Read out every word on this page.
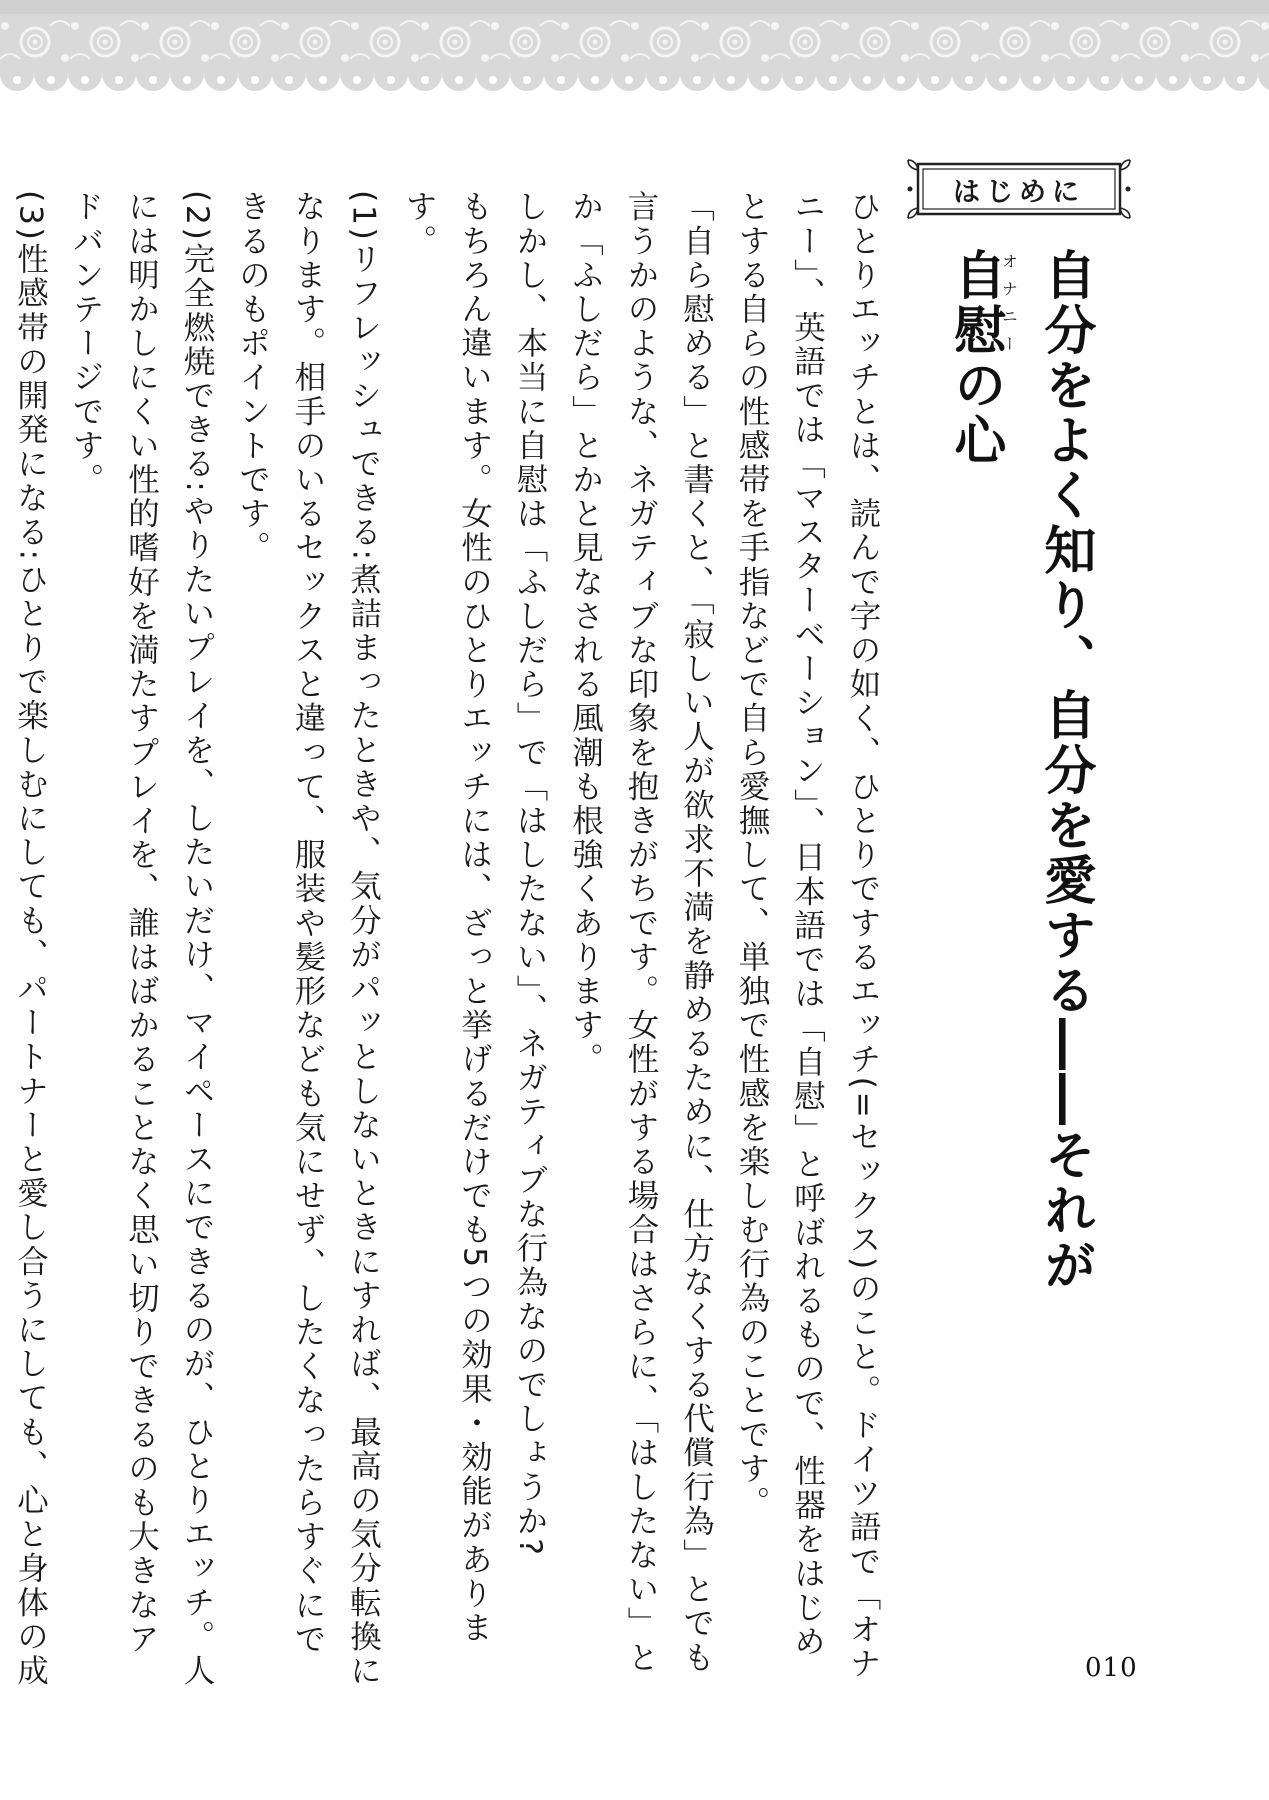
はじめに
自分をよく知り、自分を愛する――それが自慰オナニーの心

ひとりエッチとは、読んで字の如く、ひとりでするエッチ(=セックス)のこと。ドイツ語で「オナニー」、英語では「マスターベーション」、日本語では「自慰」と呼ばれるもので、性器をはじめとする自らの性感帯を手指などで自ら愛撫して、単独で性感を楽しむ行為のことです。

「自ら慰める」と書くと、「寂しい人が欲求不満を静めるために、仕方なくする代償行為」とでも言うかのような、ネガティブな印象を抱きがちです。女性がする場合はさらに、「はしたない」とか「ふしだら」とかと見なされる風潮も根強くあります。

しかし、本当に自慰は「ふしだら」で「はしたない」、ネガティブな行為なのでしょうか?

もちろん違います。女性のひとりエッチには、ざっと挙げるだけでも5つの効果・効能があります。

(1)リフレッシュできる:煮詰まったときや、気分がパッとしないときにすれば、最高の気分転換になります。相手のいるセックスと違って、服装や髪形なども気にせず、したくなったらすぐにできるのもポイントです。

(2)完全燃焼できる:やりたいプレイを、したいだけ、マイペースにできるのが、ひとりエッチ。人には明かしにくい性的嗜好を満たすプレイを、誰はばかることなく思い切りできるのも大きなアドバンテージです。

(3)性感帯の開発になる:ひとりで楽しむにしても、パートナーと愛し合うにしても、心と身体の成	010
